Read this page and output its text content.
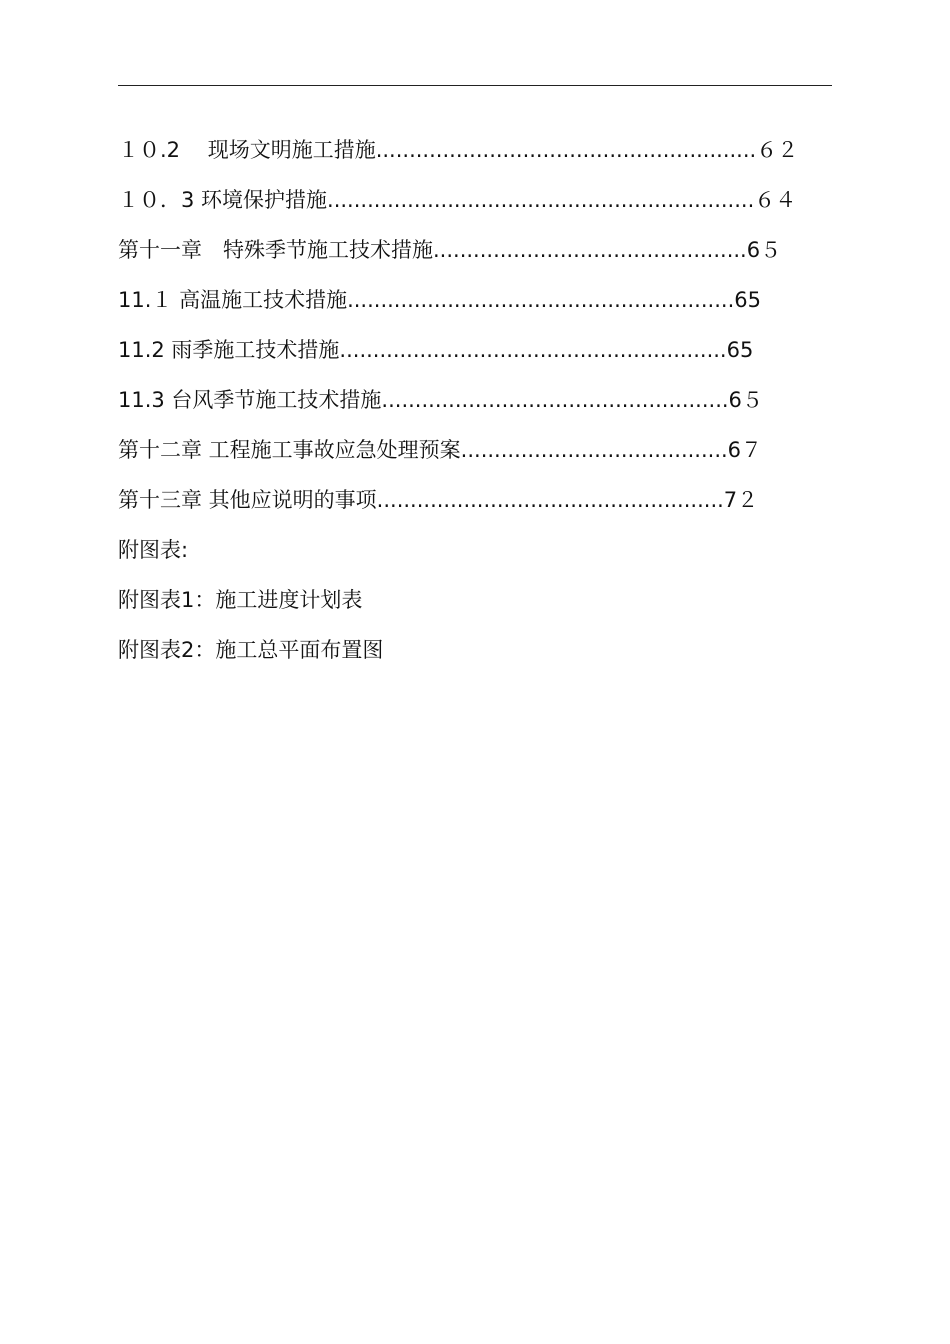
１０.2　 现场文明施工措施.........................................................６２
１０．3 环境保护措施................................................................６４
第十一章　特殊季节施工技术措施...............................................6５
11.１ 高温施工技术措施..........................................................65
11.2 雨季施工技术措施..........................................................65
11.3 台风季节施工技术措施....................................................6５
第十二章 工程施工事故应急处理预案........................................6７
第十三章 其他应说明的事项....................................................7２
附图表:
附图表1：施工进度计划表
附图表2：施工总平面布置图
